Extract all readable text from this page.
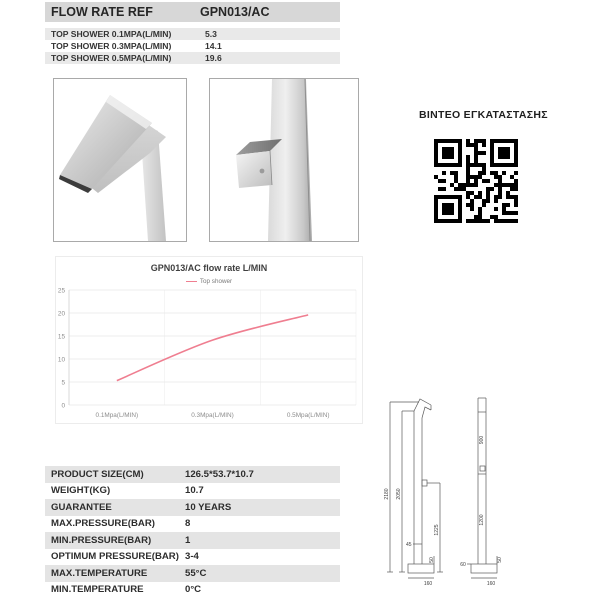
FLOW RATE REF	GPN013/AC
TOP SHOWER 0.1MPA(L/MIN)	5.3
TOP SHOWER 0.3MPA(L/MIN)	14.1
TOP SHOWER 0.5MPA(L/MIN)	19.6
ΒΙΝΤΕΟ ΕΓΚΑΤΑΣΤΑΣΗΣ
GPN013/AC flow rate L/MIN
Top shower
0
5
10
15
20
25
0.1Mpa(L/MIN)	0.3Mpa(L/MIN)	0.5Mpa(L/MIN)
PRODUCT SIZE(CM)	126.5*53.7*10.7
WEIGHT(KG)	10.7
GUARANTEE	10 YEARS
MAX.PRESSURE(BAR)	8
MIN.PRESSURE(BAR)	1
OPTIMUM PRESSURE(BAR) 3-4
MAX.TEMPERATURE	55°C
MIN.TEMPERATURE	0°C
2180 2050
1225
45
50
160
900
1200
60
50
160
